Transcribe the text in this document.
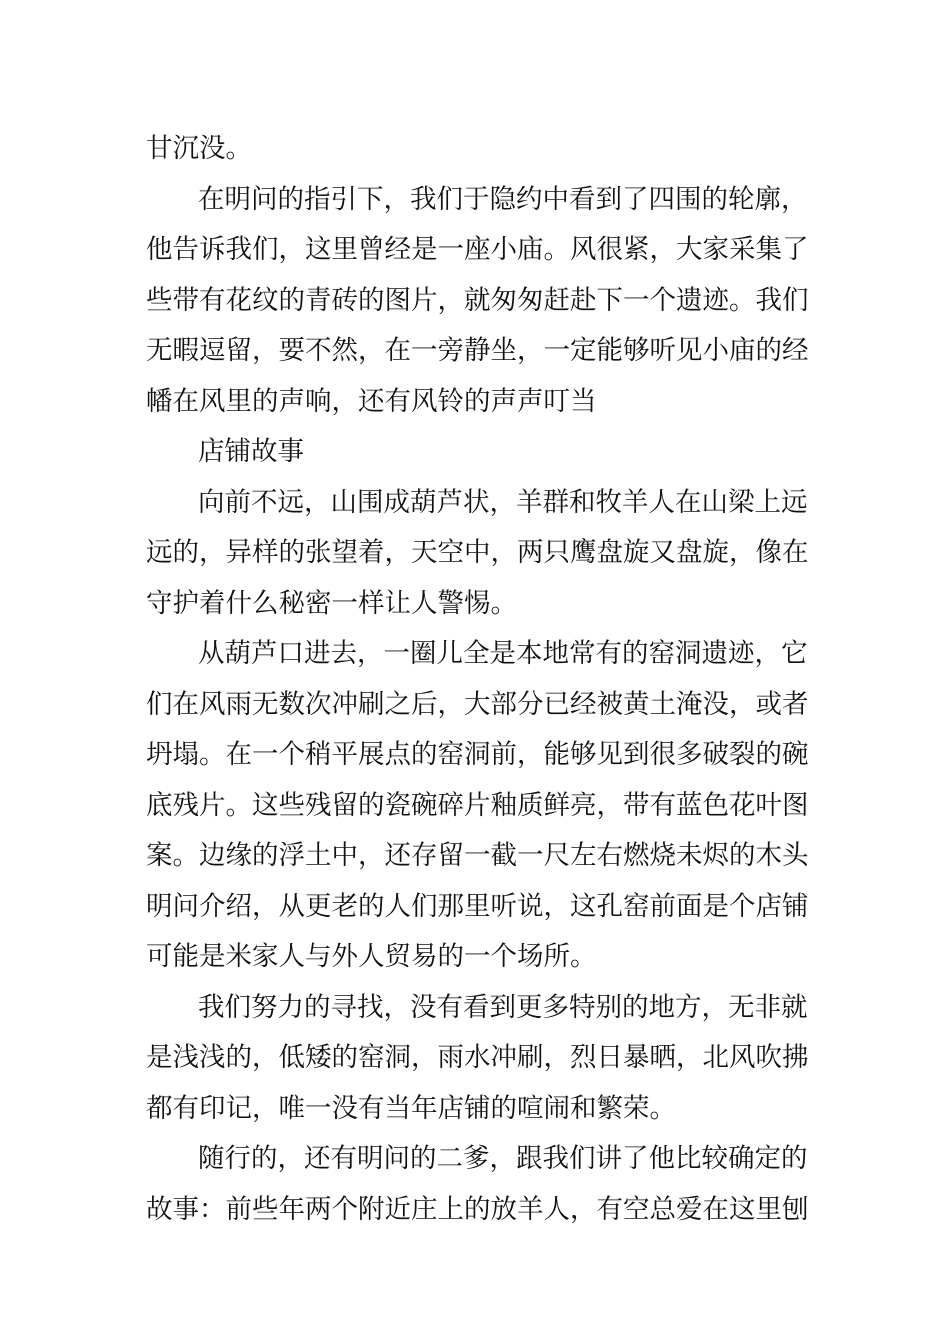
甘沉没。
在明问的指引下，我们于隐约中看到了四围的轮廓，
他告诉我们，这里曾经是一座小庙。风很紧，大家采集了
些带有花纹的青砖的图片，就匆匆赶赴下一个遗迹。我们
无暇逗留，要不然，在一旁静坐，一定能够听见小庙的经
幡在风里的声响，还有风铃的声声叮当
店铺故事
向前不远，山围成葫芦状，羊群和牧羊人在山梁上远
远的，异样的张望着，天空中，两只鹰盘旋又盘旋，像在
守护着什么秘密一样让人警惕。
从葫芦口进去，一圈儿全是本地常有的窑洞遗迹，它
们在风雨无数次冲刷之后，大部分已经被黄土淹没，或者
坍塌。在一个稍平展点的窑洞前，能够见到很多破裂的碗
底残片。这些残留的瓷碗碎片釉质鲜亮，带有蓝色花叶图
案。边缘的浮土中，还存留一截一尺左右燃烧未烬的木头
明问介绍，从更老的人们那里听说，这孔窑前面是个店铺
可能是米家人与外人贸易的一个场所。
我们努力的寻找，没有看到更多特别的地方，无非就
是浅浅的，低矮的窑洞，雨水冲刷，烈日暴晒，北风吹拂
都有印记，唯一没有当年店铺的喧闹和繁荣。
随行的，还有明问的二爹，跟我们讲了他比较确定的
故事：前些年两个附近庄上的放羊人，有空总爱在这里刨
